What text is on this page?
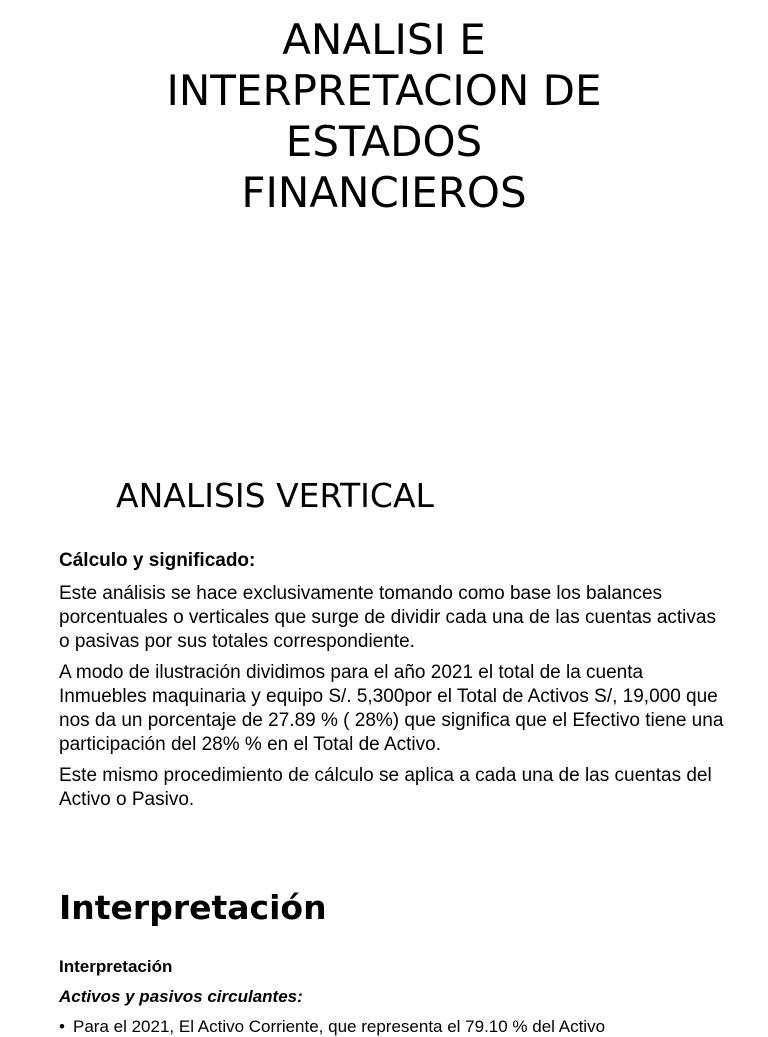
ANALISI E
INTERPRETACION DE
ESTADOS
FINANCIEROS
ANALISIS VERTICAL

Cálculo y significado:

Este análisis se hace exclusivamente tomando como base los balances porcentuales o verticales que surge de dividir cada una de las cuentas activas o pasivas por sus totales correspondiente.

A modo de ilustración dividimos para el año 2021 el total de la cuenta Inmuebles maquinaria y equipo S/. 5,300por el Total de Activos S/, 19,000 que nos da un porcentaje de 27.89 % ( 28%) que significa que el Efectivo tiene una participación del 28% % en el Total de Activo.

Este mismo procedimiento de cálculo se aplica a cada una de las cuentas del Activo o Pasivo.

Interpretación

Interpretación

Activos y pasivos circulantes:

• Para el 2021, El Activo Corriente, que representa el 79.10 % del Activo
